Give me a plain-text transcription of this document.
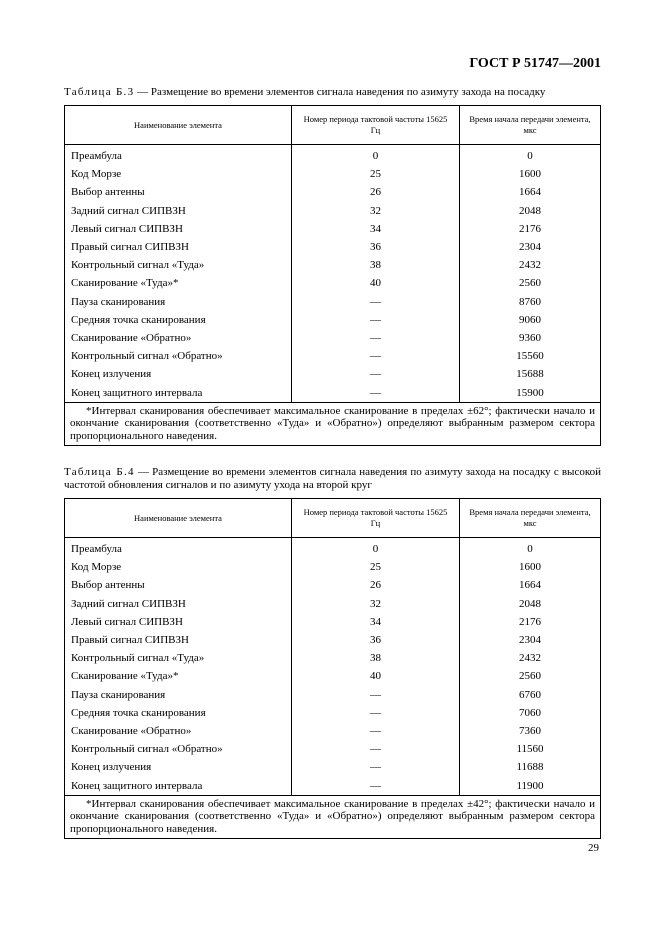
ГОСТ Р 51747—2001
Таблица Б.3 — Размещение во времени элементов сигнала наведения по азимуту захода на посадку
Наименование элемента	Номер периода тактовой частоты 15625 Гц	Время начала передачи элемента, мкс
Преамбула	0	0
Код Морзе	25	1600
Выбор антенны	26	1664
Задний сигнал СИПВЗН	32	2048
Левый сигнал СИПВЗН	34	2176
Правый сигнал СИПВЗН	36	2304
Контрольный сигнал «Туда»	38	2432
Сканирование «Туда»*	40	2560
Пауза сканирования	—	8760
Средняя точка сканирования	—	9060
Сканирование «Обратно»	—	9360
Контрольный сигнал «Обратно»	—	15560
Конец излучения	—	15688
Конец защитного интервала	—	15900
*Интервал сканирования обеспечивает максимальное сканирование в пределах ±62°; фактически начало и окончание сканирования (соответственно «Туда» и «Обратно») определяют выбранным размером сектора пропорционального наведения.		
Таблица Б.4 — Размещение во времени элементов сигнала наведения по азимуту захода на посадку с высокой частотой обновления сигналов и по азимуту ухода на второй круг
Наименование элемента	Номер периода тактовой частоты 15625 Гц	Время начала передачи элемента, мкс
Преамбула	0	0
Код Морзе	25	1600
Выбор антенны	26	1664
Задний сигнал СИПВЗН	32	2048
Левый сигнал СИПВЗН	34	2176
Правый сигнал СИПВЗН	36	2304
Контрольный сигнал «Туда»	38	2432
Сканирование «Туда»*	40	2560
Пауза сканирования	—	6760
Средняя точка сканирования	—	7060
Сканирование «Обратно»	—	7360
Контрольный сигнал «Обратно»	—	11560
Конец излучения	—	11688
Конец защитного интервала	—	11900
*Интервал сканирования обеспечивает максимальное сканирование в пределах ±42°; фактически начало и окончание сканирования (соответственно «Туда» и «Обратно») определяют выбранным размером сектора пропорционального наведения.		
29
